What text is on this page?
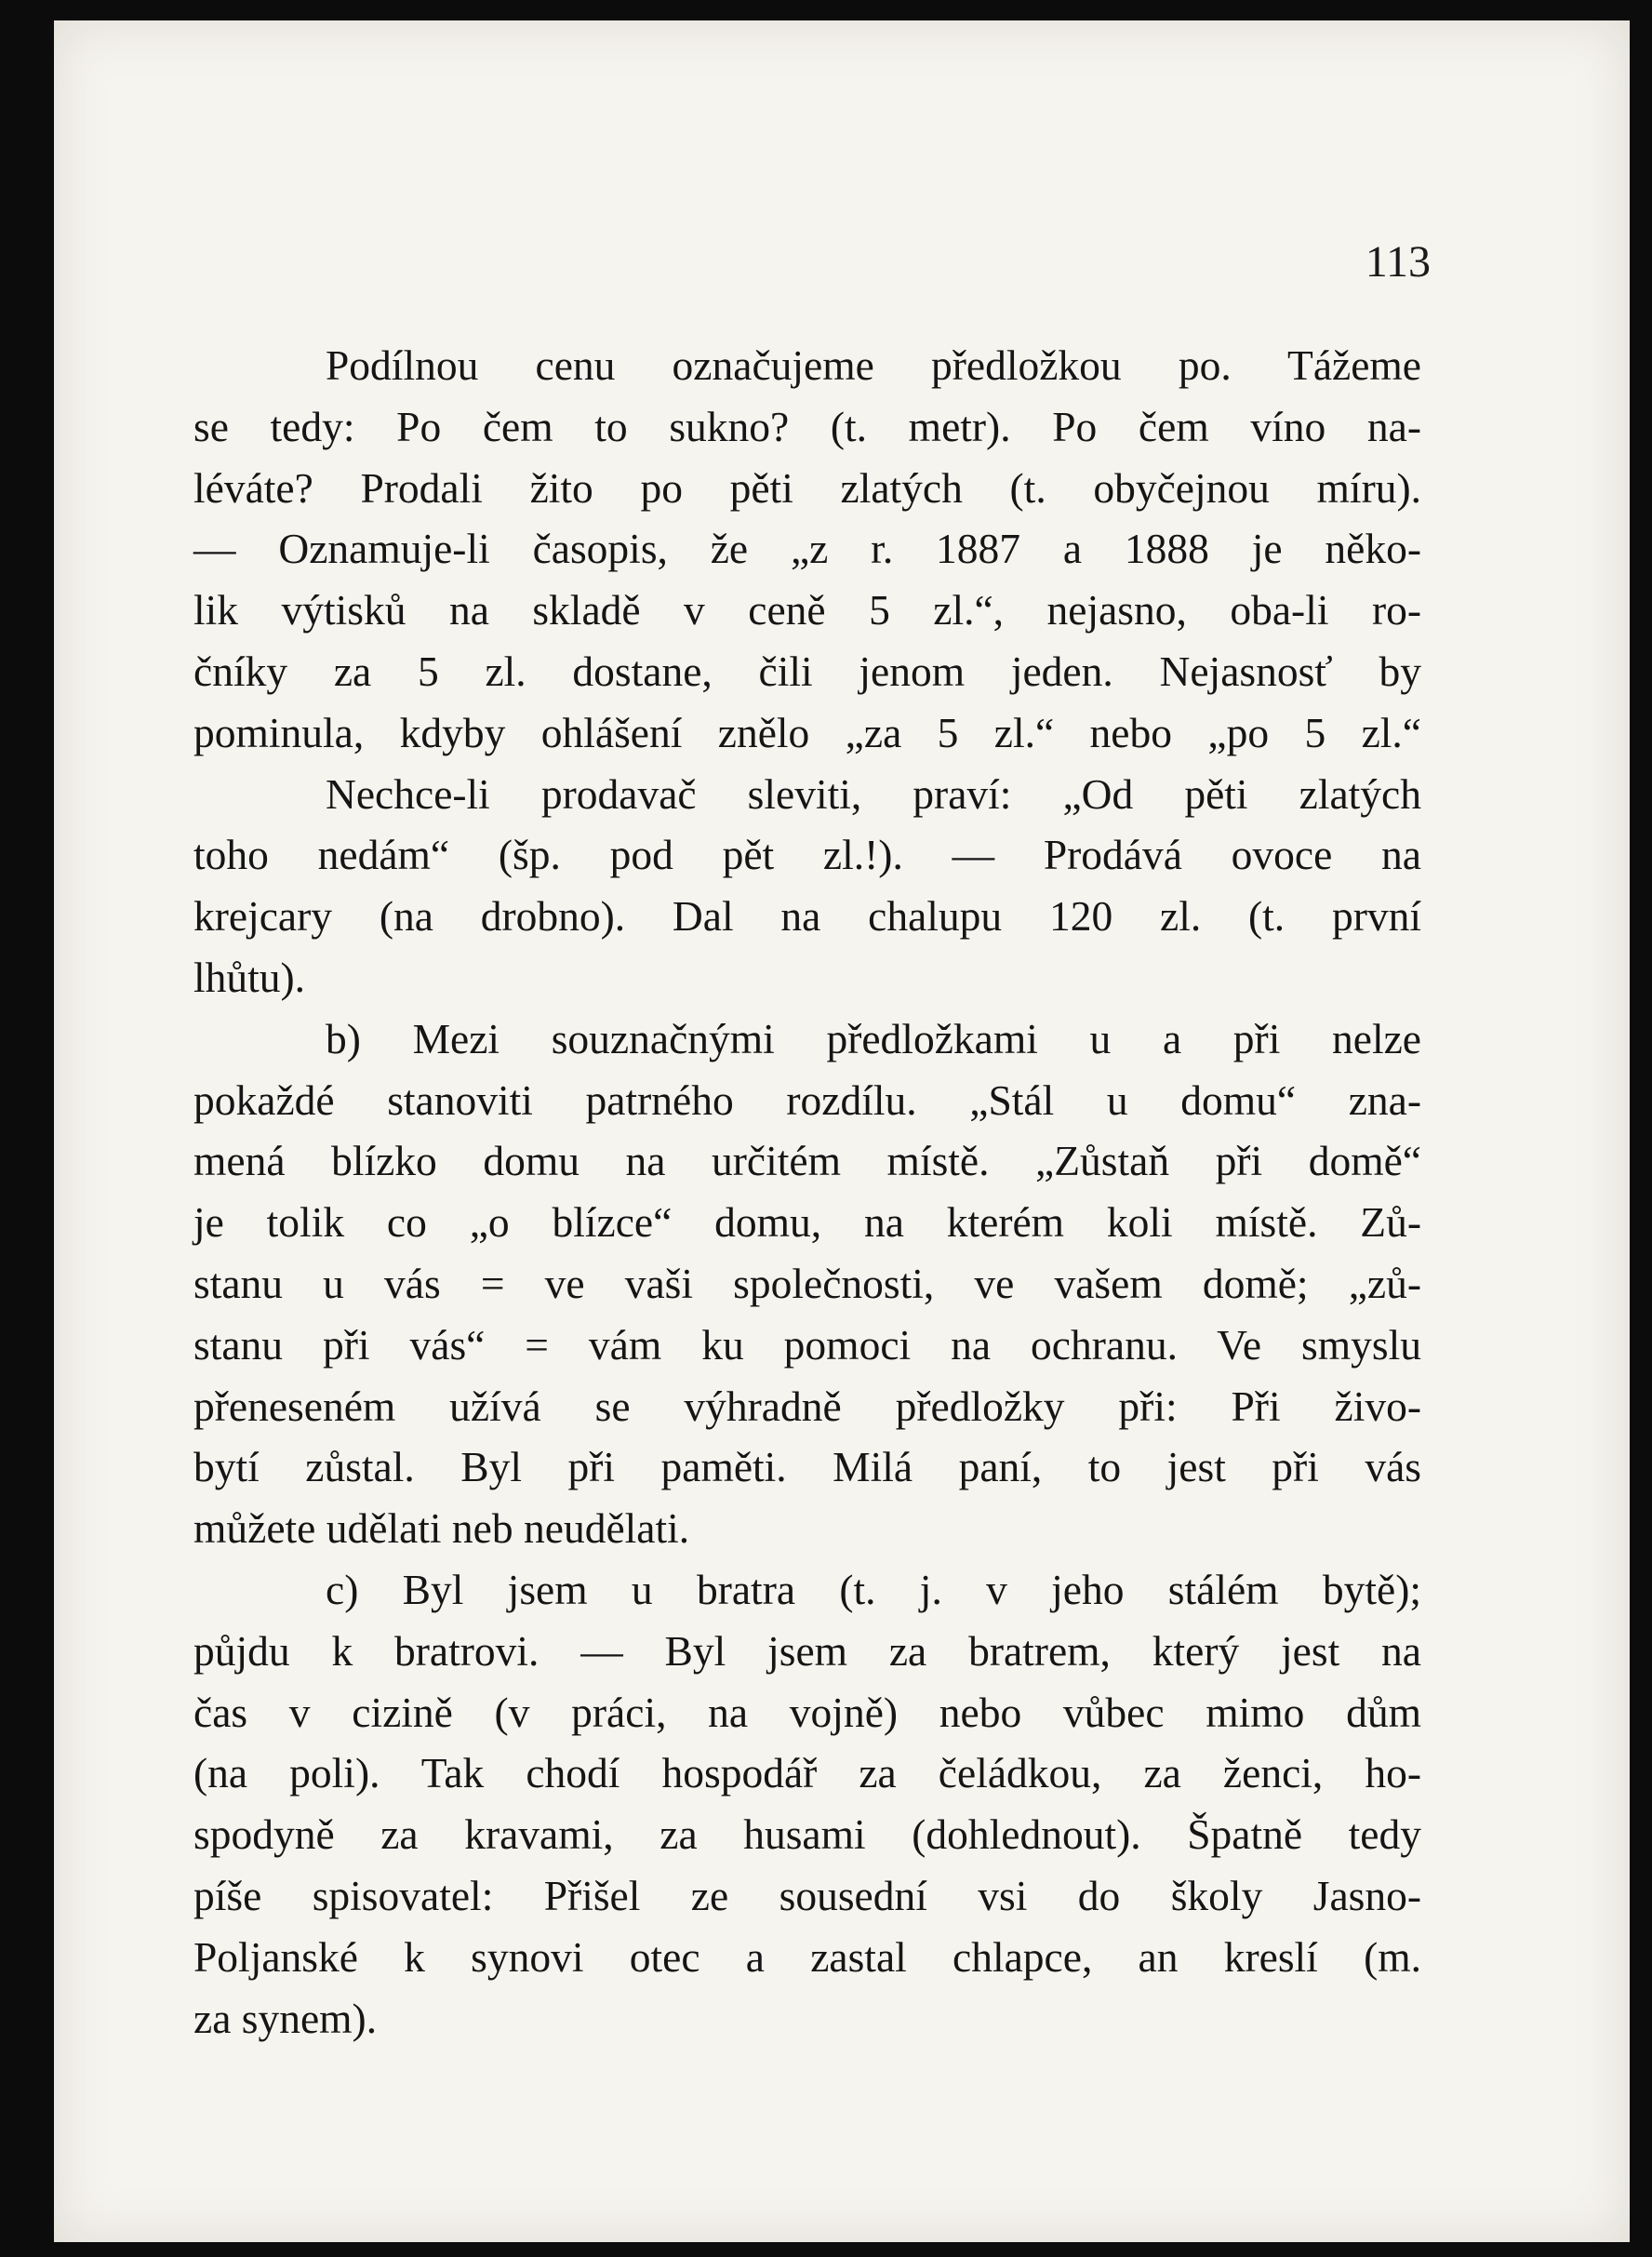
113
Podílnou cenu označujeme předložkou po. Tážeme
se tedy: Po čem to sukno? (t. metr). Po čem víno na-
léváte? Prodali žito po pěti zlatých (t. obyčejnou míru).
— Oznamuje-li časopis, že „z r. 1887 a 1888 je něko-
lik výtisků na skladě v ceně 5 zl.“, nejasno, oba-li ro-
čníky za 5 zl. dostane, čili jenom jeden. Nejasnosť by
pominula, kdyby ohlášení znělo „za 5 zl.“ nebo „po 5 zl.“
Nechce-li prodavač sleviti, praví: „Od pěti zlatých
toho nedám“ (šp. pod pět zl.!). — Prodává ovoce na
krejcary (na drobno). Dal na chalupu 120 zl. (t. první
lhůtu).
b) Mezi souznačnými předložkami u a při nelze
pokaždé stanoviti patrného rozdílu. „Stál u domu“ zna-
mená blízko domu na určitém místě. „Zůstaň při domě“
je tolik co „o blízce“ domu, na kterém koli místě. Zů-
stanu u vás = ve vaši společnosti, ve vašem domě; „zů-
stanu při vás“ = vám ku pomoci na ochranu. Ve smyslu
přeneseném užívá se výhradně předložky při: Při živo-
bytí zůstal. Byl při paměti. Milá paní, to jest při vás
můžete udělati neb neudělati.
c) Byl jsem u bratra (t. j. v jeho stálém bytě);
půjdu k bratrovi. — Byl jsem za bratrem, který jest na
čas v cizině (v práci, na vojně) nebo vůbec mimo dům
(na poli). Tak chodí hospodář za čeládkou, za ženci, ho-
spodyně za kravami, za husami (dohlednout). Špatně tedy
píše spisovatel: Přišel ze sousední vsi do školy Jasno-
Poljanské k synovi otec a zastal chlapce, an kreslí (m.
za synem).
